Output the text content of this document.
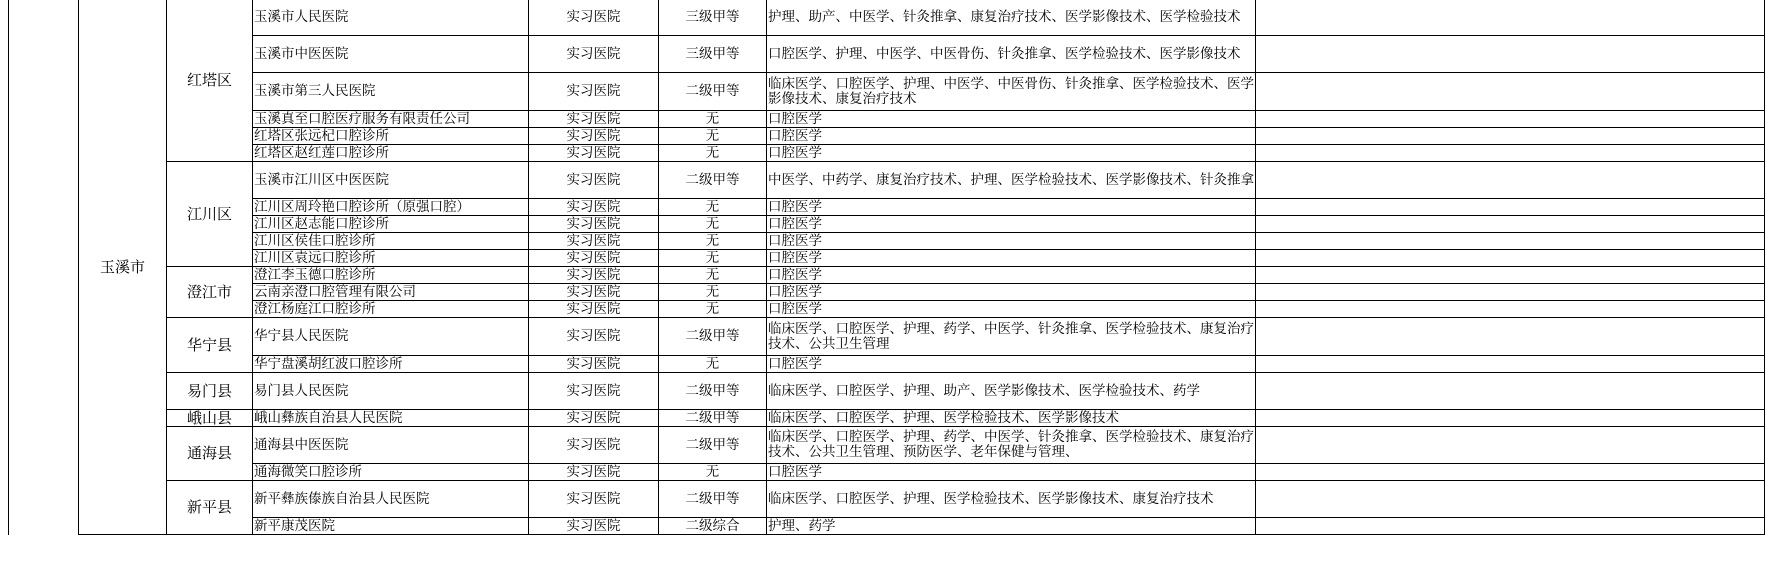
	玉溪市	红塔区	玉溪市人民医院	实习医院	三级甲等	护理、助产、中医学、针灸推拿、康复治疗技术、医学影像技术、医学检验技术	
			玉溪市中医医院	实习医院	三级甲等	口腔医学、护理、中医学、中医骨伤、针灸推拿、医学检验技术、医学影像技术	
			玉溪市第三人民医院	实习医院	二级甲等	临床医学、口腔医学、护理、中医学、中医骨伤、针灸推拿、医学检验技术、医学影像技术、康复治疗技术	
			玉溪真至口腔医疗服务有限责任公司	实习医院	无	口腔医学	
			红塔区张远杞口腔诊所	实习医院	无	口腔医学	
			红塔区赵红莲口腔诊所	实习医院	无	口腔医学	
		江川区	玉溪市江川区中医医院	实习医院	二级甲等	中医学、中药学、康复治疗技术、护理、医学检验技术、医学影像技术、针灸推拿	
			江川区周玲艳口腔诊所（原强口腔）	实习医院	无	口腔医学	
			江川区赵志能口腔诊所	实习医院	无	口腔医学	
			江川区侯佳口腔诊所	实习医院	无	口腔医学	
			江川区袁远口腔诊所	实习医院	无	口腔医学	
		澄江市	澄江李玉德口腔诊所	实习医院	无	口腔医学	
			云南亲澄口腔管理有限公司	实习医院	无	口腔医学	
			澄江杨庭江口腔诊所	实习医院	无	口腔医学	
		华宁县	华宁县人民医院	实习医院	二级甲等	临床医学、口腔医学、护理、药学、中医学、针灸推拿、医学检验技术、康复治疗技术、公共卫生管理	
			华宁盘溪胡红波口腔诊所	实习医院	无	口腔医学	
		易门县	易门县人民医院	实习医院	二级甲等	临床医学、口腔医学、护理、助产、医学影像技术、医学检验技术、药学	
		峨山县	峨山彝族自治县人民医院	实习医院	二级甲等	临床医学、口腔医学、护理、医学检验技术、医学影像技术	
		通海县	通海县中医医院	实习医院	二级甲等	临床医学、口腔医学、护理、药学、中医学、针灸推拿、医学检验技术、康复治疗技术、公共卫生管理、预防医学、老年保健与管理、	
			通海微笑口腔诊所	实习医院	无	口腔医学	
		新平县	新平彝族傣族自治县人民医院	实习医院	二级甲等	临床医学、口腔医学、护理、医学检验技术、医学影像技术、康复治疗技术	
			新平康茂医院	实习医院	二级综合	护理、药学	
